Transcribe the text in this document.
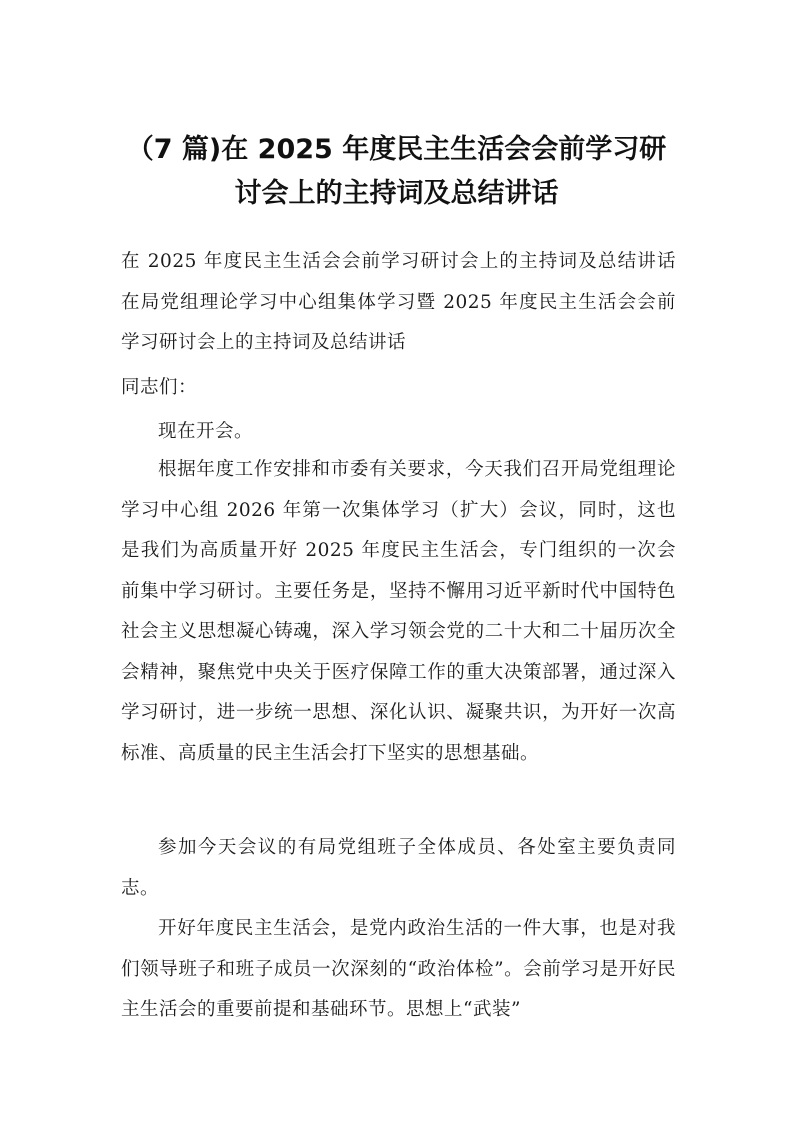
（7 篇)在 2025 年度民主生活会会前学习研
讨会上的主持词及总结讲话

在 2025 年度民主生活会会前学习研讨会上的主持词及总结讲话在局党组理论学习中心组集体学习暨 2025 年度民主生活会会前学习研讨会上的主持词及总结讲话

同志们：

现在开会。

根据年度工作安排和市委有关要求，今天我们召开局党组理论学习中心组 2026 年第一次集体学习（扩大）会议，同时，这也是我们为高质量开好 2025 年度民主生活会，专门组织的一次会前集中学习研讨。主要任务是，坚持不懈用习近平新时代中国特色社会主义思想凝心铸魂，深入学习领会党的二十大和二十届历次全会精神，聚焦党中央关于医疗保障工作的重大决策部署，通过深入学习研讨，进一步统一思想、深化认识、凝聚共识，为开好一次高标准、高质量的民主生活会打下坚实的思想基础。

参加今天会议的有局党组班子全体成员、各处室主要负责同志。

开好年度民主生活会，是党内政治生活的一件大事，也是对我们领导班子和班子成员一次深刻的“政治体检”。会前学习是开好民主生活会的重要前提和基础环节。思想上“武装”
